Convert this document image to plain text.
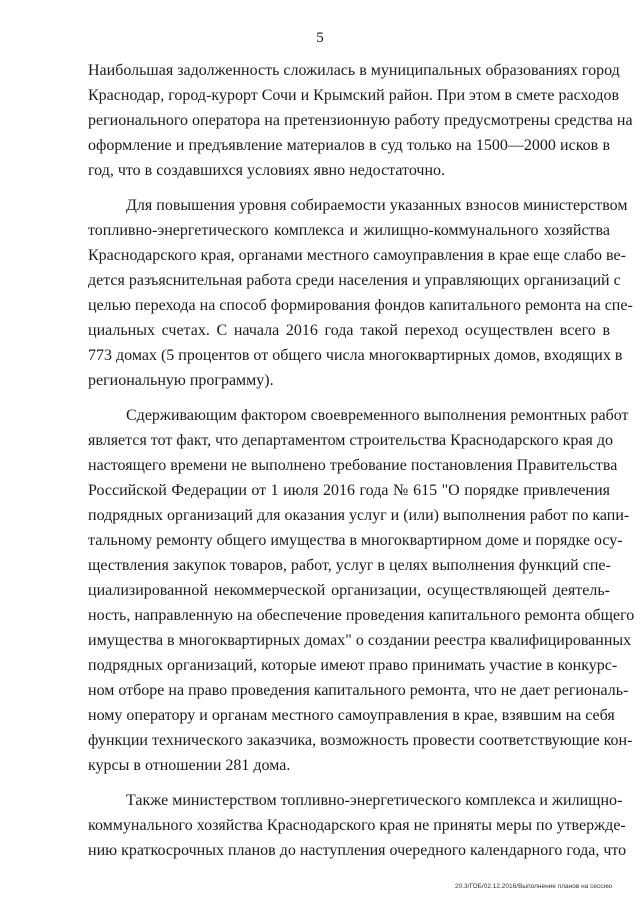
5
Наибольшая задолженность сложилась в муниципальных образованиях город
Краснодар, город-курорт Сочи и Крымский район. При этом в смете расходов
регионального оператора на претензионную работу предусмотрены средства на
оформление и предъявление материалов в суд только на 1500—2000 исков в
год, что в создавшихся условиях явно недостаточно.
Для повышения уровня собираемости указанных взносов министерством
топливно-энергетического комплекса и жилищно-коммунального хозяйства
Краснодарского края, органами местного самоуправления в крае еще слабо ве-
дется разъяснительная работа среди населения и управляющих организаций с
целью перехода на способ формирования фондов капитального ремонта на спе-
циальных счетах. С начала 2016 года такой переход осуществлен всего в
773 домах (5 процентов от общего числа многоквартирных домов, входящих в
региональную программу).
Сдерживающим фактором своевременного выполнения ремонтных работ
является тот факт, что департаментом строительства Краснодарского края до
настоящего времени не выполнено требование постановления Правительства
Российской Федерации от 1 июля 2016 года № 615 "О порядке привлечения
подрядных организаций для оказания услуг и (или) выполнения работ по капи-
тальному ремонту общего имущества в многоквартирном доме и порядке осу-
ществления закупок товаров, работ, услуг в целях выполнения функций спе-
циализированной некоммерческой организации, осуществляющей деятель-
ность, направленную на обеспечение проведения капитального ремонта общего
имущества в многоквартирных домах" о создании реестра квалифицированных
подрядных организаций, которые имеют право принимать участие в конкурс-
ном отборе на право проведения капитального ремонта, что не дает региональ-
ному оператору и органам местного самоуправления в крае, взявшим на себя
функции технического заказчика, возможность провести соответствующие кон-
курсы в отношении 281 дома.
Также министерством топливно-энергетического комплекса и жилищно-
коммунального хозяйства Краснодарского края не приняты меры по утвержде-
нию краткосрочных планов до наступления очередного календарного года, что
20.3/ГОБ/02.12.2016/Выполнение планов на сессию
